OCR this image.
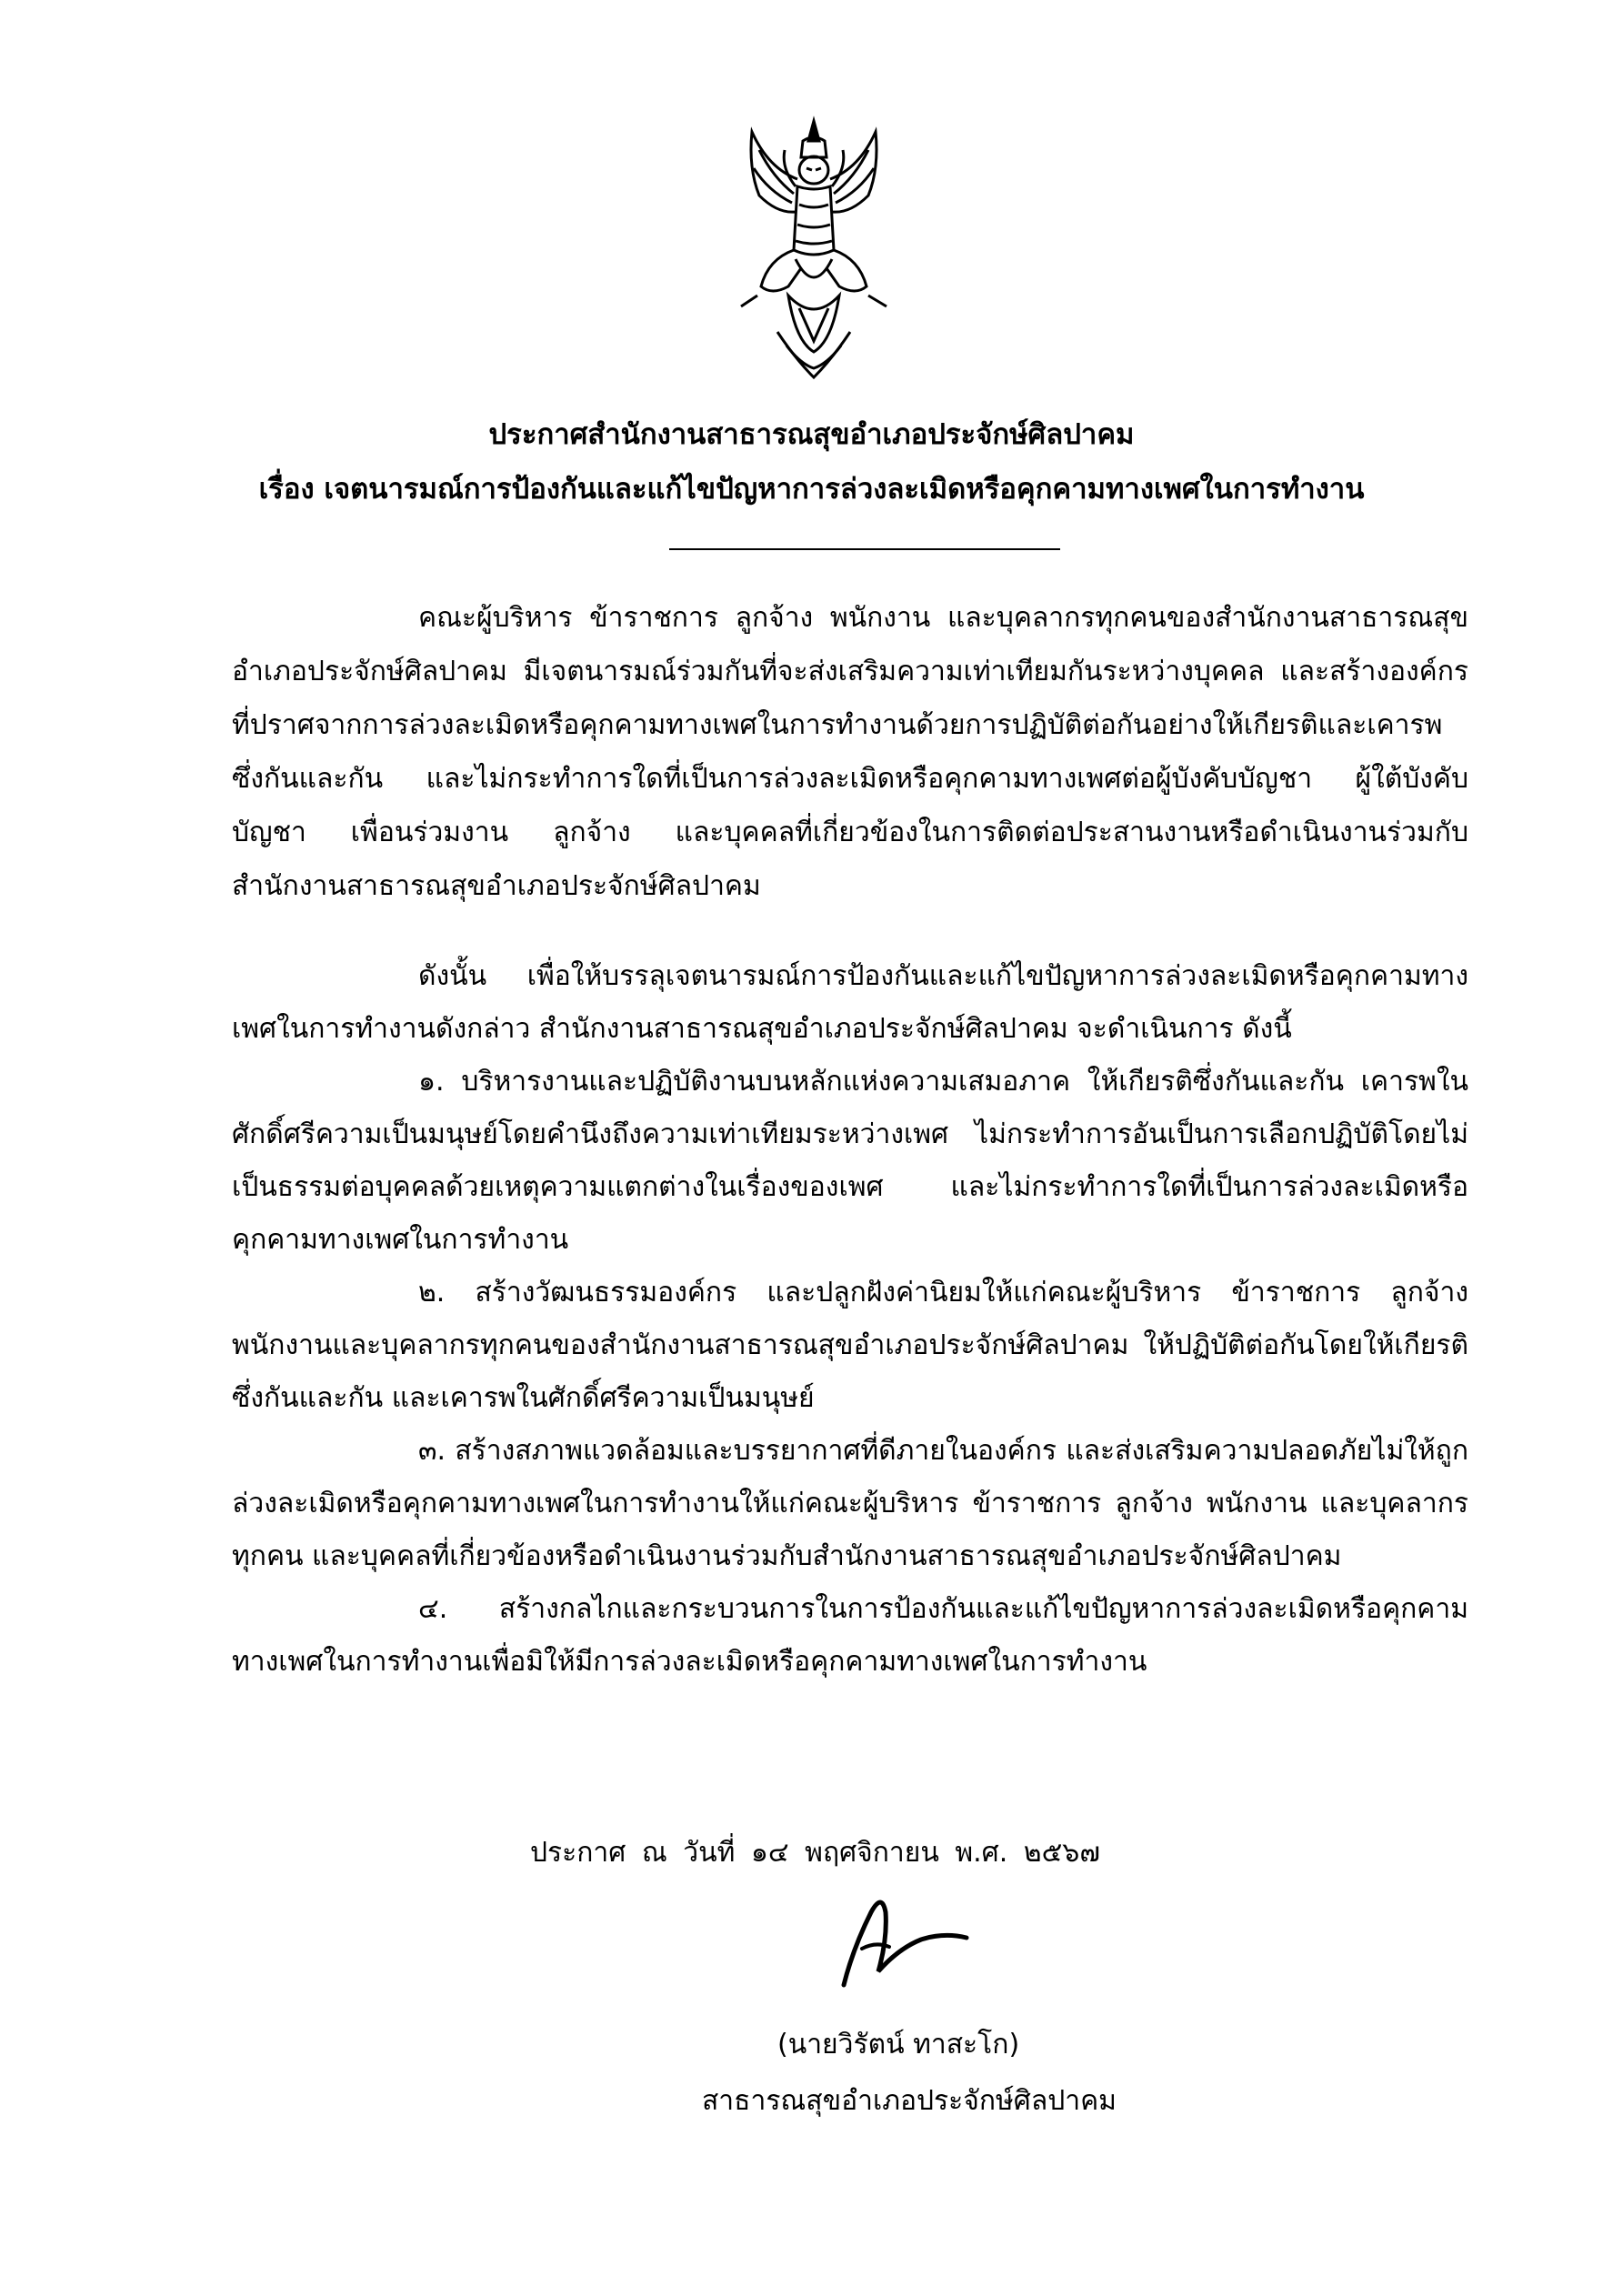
ประกาศสำนักงานสาธารณสุขอำเภอประจักษ์ศิลปาคม
เรื่อง เจตนารมณ์การป้องกันและแก้ไขปัญหาการล่วงละเมิดหรือคุกคามทางเพศในการทำงาน

คณะผู้บริหาร ข้าราชการ ลูกจ้าง พนักงาน และบุคลากรทุกคนของสำนักงานสาธารณสุขอำเภอประจักษ์ศิลปาคม มีเจตนารมณ์ร่วมกันที่จะส่งเสริมความเท่าเทียมกันระหว่างบุคคล และสร้างองค์กรที่ปราศจากการล่วงละเมิดหรือคุกคามทางเพศในการทำงานด้วยการปฏิบัติต่อกันอย่างให้เกียรติและเคารพซึ่งกันและกัน และไม่กระทำการใดที่เป็นการล่วงละเมิดหรือคุกคามทางเพศต่อผู้บังคับบัญชา ผู้ใต้บังคับบัญชา เพื่อนร่วมงาน ลูกจ้าง และบุคคลที่เกี่ยวข้องในการติดต่อประสานงานหรือดำเนินงานร่วมกับสำนักงานสาธารณสุขอำเภอประจักษ์ศิลปาคม

ดังนั้น เพื่อให้บรรลุเจตนารมณ์การป้องกันและแก้ไขปัญหาการล่วงละเมิดหรือคุกคามทางเพศในการทำงานดังกล่าว สำนักงานสาธารณสุขอำเภอประจักษ์ศิลปาคม จะดำเนินการ ดังนี้

๑. บริหารงานและปฏิบัติงานบนหลักแห่งความเสมอภาค ให้เกียรติซึ่งกันและกัน เคารพในศักดิ์ศรีความเป็นมนุษย์โดยคำนึงถึงความเท่าเทียมระหว่างเพศ ไม่กระทำการอันเป็นการเลือกปฏิบัติโดยไม่เป็นธรรมต่อบุคคลด้วยเหตุความแตกต่างในเรื่องของเพศ และไม่กระทำการใดที่เป็นการล่วงละเมิดหรือคุกคามทางเพศในการทำงาน

๒. สร้างวัฒนธรรมองค์กร และปลูกฝังค่านิยมให้แก่คณะผู้บริหาร ข้าราชการ ลูกจ้าง พนักงานและบุคลากรทุกคนของสำนักงานสาธารณสุขอำเภอประจักษ์ศิลปาคม ให้ปฏิบัติต่อกันโดยให้เกียรติซึ่งกันและกัน และเคารพในศักดิ์ศรีความเป็นมนุษย์

๓. สร้างสภาพแวดล้อมและบรรยากาศที่ดีภายในองค์กร และส่งเสริมความปลอดภัยไม่ให้ถูกล่วงละเมิดหรือคุกคามทางเพศในการทำงานให้แก่คณะผู้บริหาร ข้าราชการ ลูกจ้าง พนักงาน และบุคลากรทุกคน และบุคคลที่เกี่ยวข้องหรือดำเนินงานร่วมกับสำนักงานสาธารณสุขอำเภอประจักษ์ศิลปาคม

๔. สร้างกลไกและกระบวนการในการป้องกันและแก้ไขปัญหาการล่วงละเมิดหรือคุกคามทางเพศในการทำงานเพื่อมิให้มีการล่วงละเมิดหรือคุกคามทางเพศในการทำงาน

ประกาศ ณ วันที่ ๑๔ พฤศจิกายน พ.ศ. ๒๕๖๗
(นายวิรัตน์ ทาสะโก)
สาธารณสุขอำเภอประจักษ์ศิลปาคม
